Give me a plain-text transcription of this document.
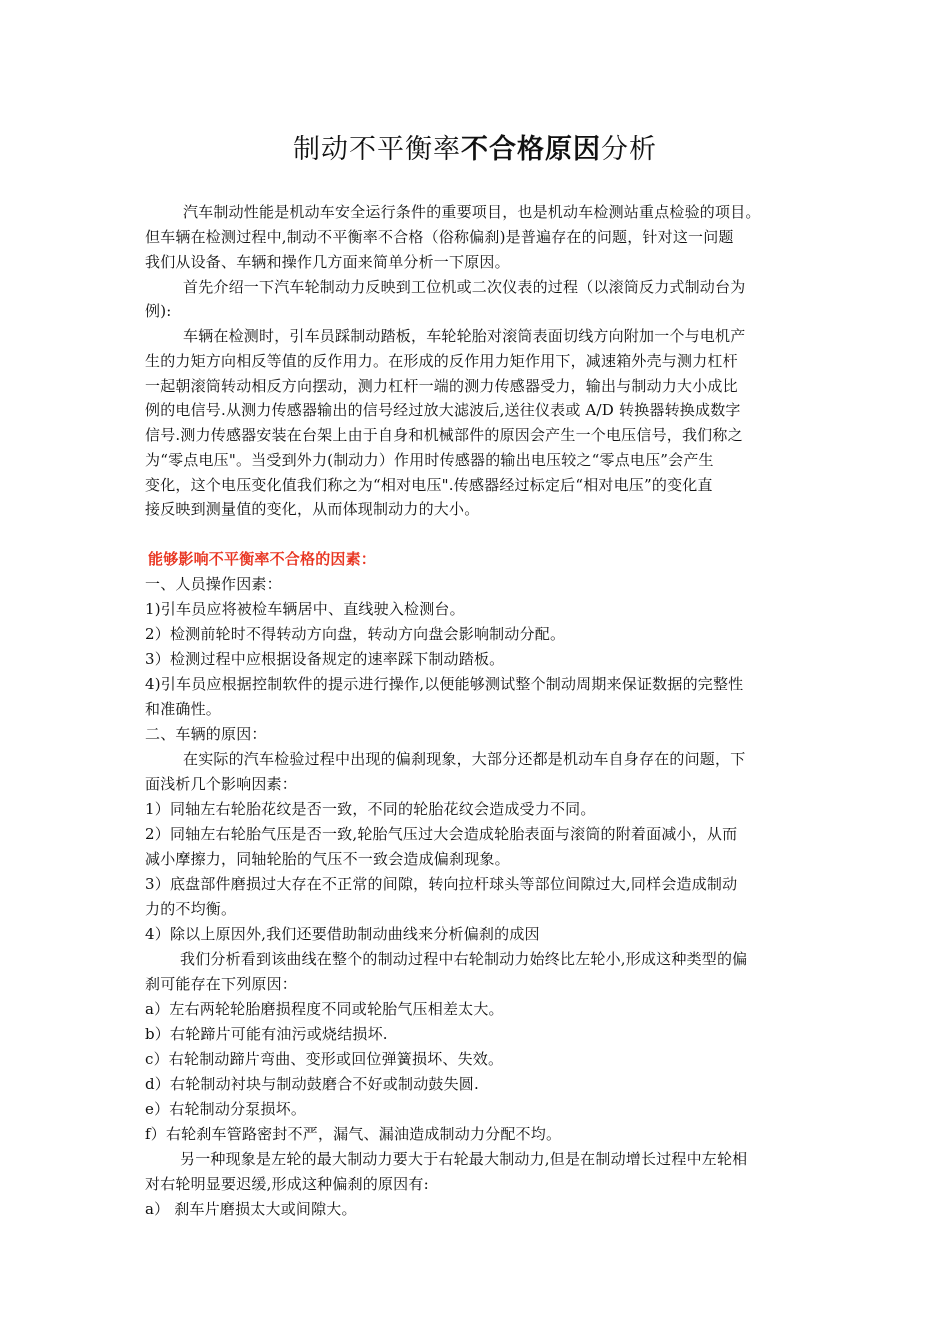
制动不平衡率不合格原因分析
汽车制动性能是机动车安全运行条件的重要项目，也是机动车检测站重点检验的项目。
但车辆在检测过程中,制动不平衡率不合格（俗称偏刹)是普遍存在的问题，针对这一问题
我们从设备、车辆和操作几方面来简单分析一下原因。
首先介绍一下汽车轮制动力反映到工位机或二次仪表的过程（以滚筒反力式制动台为
例):
车辆在检测时，引车员踩制动踏板，车轮轮胎对滚筒表面切线方向附加一个与电机产
生的力矩方向相反等值的反作用力。在形成的反作用力矩作用下，减速箱外壳与测力杠杆
一起朝滚筒转动相反方向摆动，测力杠杆一端的测力传感器受力，输出与制动力大小成比
例的电信号.从测力传感器输出的信号经过放大滤波后,送往仪表或 A/D 转换器转换成数字
信号.测力传感器安装在台架上由于自身和机械部件的原因会产生一个电压信号，我们称之
为“零点电压"。当受到外力(制动力）作用时传感器的输出电压较之“零点电压”会产生
变化，这个电压变化值我们称之为“相对电压".传感器经过标定后“相对电压”的变化直
接反映到测量值的变化，从而体现制动力的大小。
能够影响不平衡率不合格的因素：
一、人员操作因素：
1)引车员应将被检车辆居中、直线驶入检测台。
2）检测前轮时不得转动方向盘，转动方向盘会影响制动分配。
3）检测过程中应根据设备规定的速率踩下制动踏板。
4)引车员应根据控制软件的提示进行操作,以便能够测试整个制动周期来保证数据的完整性
和准确性。
二、车辆的原因：
在实际的汽车检验过程中出现的偏刹现象，大部分还都是机动车自身存在的问题，下
面浅析几个影响因素：
1）同轴左右轮胎花纹是否一致，不同的轮胎花纹会造成受力不同。
2）同轴左右轮胎气压是否一致,轮胎气压过大会造成轮胎表面与滚筒的附着面减小，从而
减小摩擦力，同轴轮胎的气压不一致会造成偏刹现象。
3）底盘部件磨损过大存在不正常的间隙，转向拉杆球头等部位间隙过大,同样会造成制动
力的不均衡。
4）除以上原因外,我们还要借助制动曲线来分析偏刹的成因
我们分析看到该曲线在整个的制动过程中右轮制动力始终比左轮小,形成这种类型的偏
刹可能存在下列原因：
a）左右两轮轮胎磨损程度不同或轮胎气压相差太大。
b）右轮蹄片可能有油污或烧结损坏.
c）右轮制动蹄片弯曲、变形或回位弹簧损坏、失效。
d）右轮制动衬块与制动鼓磨合不好或制动鼓失圆.
e）右轮制动分泵损坏。
f）右轮刹车管路密封不严，漏气、漏油造成制动力分配不均。
另一种现象是左轮的最大制动力要大于右轮最大制动力,但是在制动增长过程中左轮相
对右轮明显要迟缓,形成这种偏刹的原因有:
a） 刹车片磨损太大或间隙大。
